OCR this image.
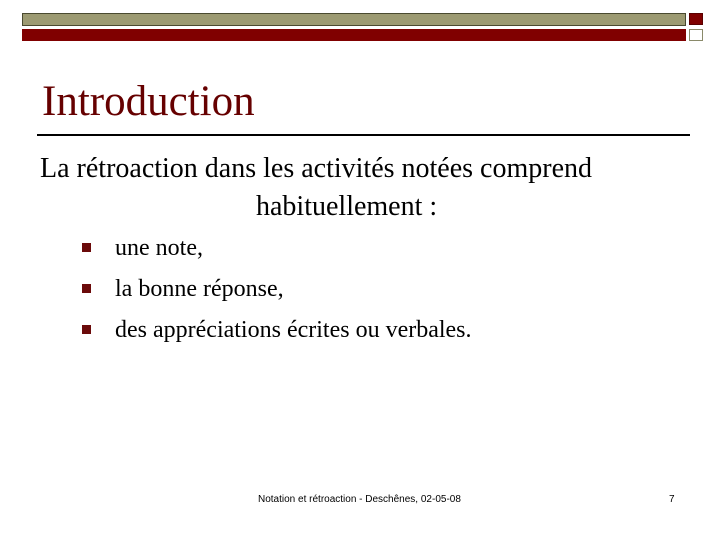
Introduction
La rétroaction dans les activités notées comprend
habituellement :
une note,
la bonne réponse,
des appréciations écrites ou verbales.
Notation et rétroaction - Deschênes, 02-05-08	7
